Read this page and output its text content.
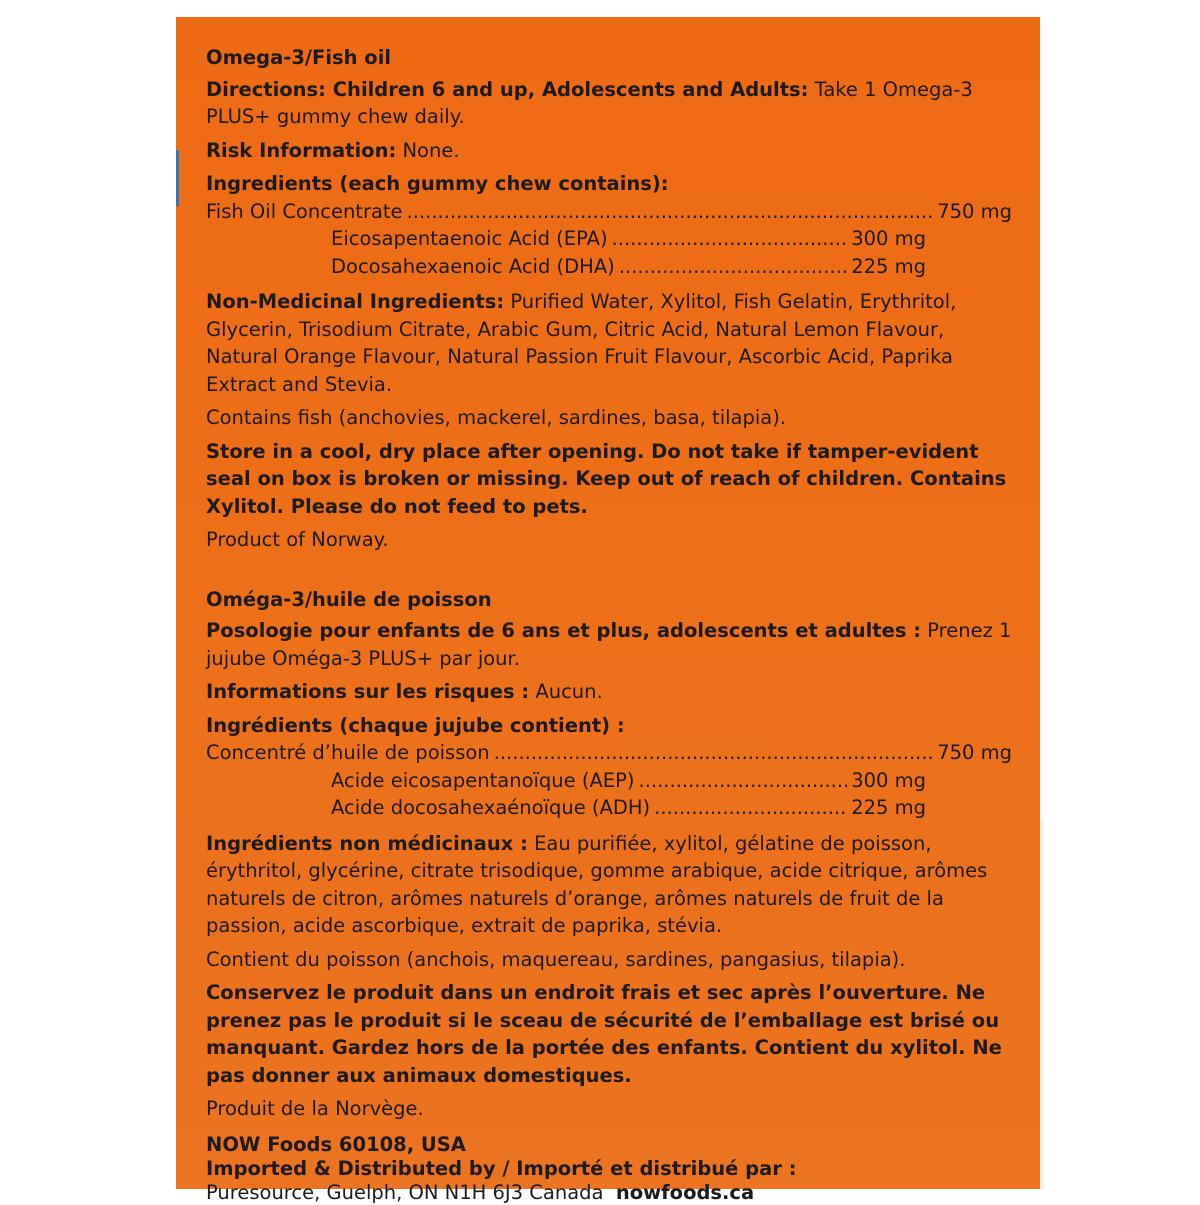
Omega-3/Fish oil

Directions: Children 6 and up, Adolescents and Adults: Take 1 Omega-3 PLUS+ gummy chew daily.

Risk Information: None.

Ingredients (each gummy chew contains):
Fish Oil Concentrate .....	750 mg
Eicosapentaenoic Acid (EPA) .....	300 mg
Docosahexaenoic Acid (DHA) .....	225 mg

Non-Medicinal Ingredients: Purified Water, Xylitol, Fish Gelatin, Erythritol, Glycerin, Trisodium Citrate, Arabic Gum, Citric Acid, Natural Lemon Flavour, Natural Orange Flavour, Natural Passion Fruit Flavour, Ascorbic Acid, Paprika Extract and Stevia.

Contains fish (anchovies, mackerel, sardines, basa, tilapia).

Store in a cool, dry place after opening. Do not take if tamper-evident seal on box is broken or missing. Keep out of reach of children. Contains Xylitol. Please do not feed to pets.

Product of Norway.

Oméga-3/huile de poisson

Posologie pour enfants de 6 ans et plus, adolescents et adultes : Prenez 1 jujube Oméga-3 PLUS+ par jour.

Informations sur les risques : Aucun.

Ingrédients (chaque jujube contient) :
Concentré d’huile de poisson .....	750 mg
Acide eicosapentanoïque (AEP) .....	300 mg
Acide docosahexaénoïque (ADH) .....	225 mg

Ingrédients non médicinaux : Eau purifiée, xylitol, gélatine de poisson, érythritol, glycérine, citrate trisodique, gomme arabique, acide citrique, arômes naturels de citron, arômes naturels d’orange, arômes naturels de fruit de la passion, acide ascorbique, extrait de paprika, stévia.

Contient du poisson (anchois, maquereau, sardines, pangasius, tilapia).

Conservez le produit dans un endroit frais et sec après l’ouverture. Ne prenez pas le produit si le sceau de sécurité de l’emballage est brisé ou manquant. Gardez hors de la portée des enfants. Contient du xylitol. Ne pas donner aux animaux domestiques.

Produit de la Norvège.

NOW Foods 60108, USA

Imported & Distributed by / Importé et distribué par :

Puresource, Guelph, ON N1H 6J3 Canada nowfoods.ca
